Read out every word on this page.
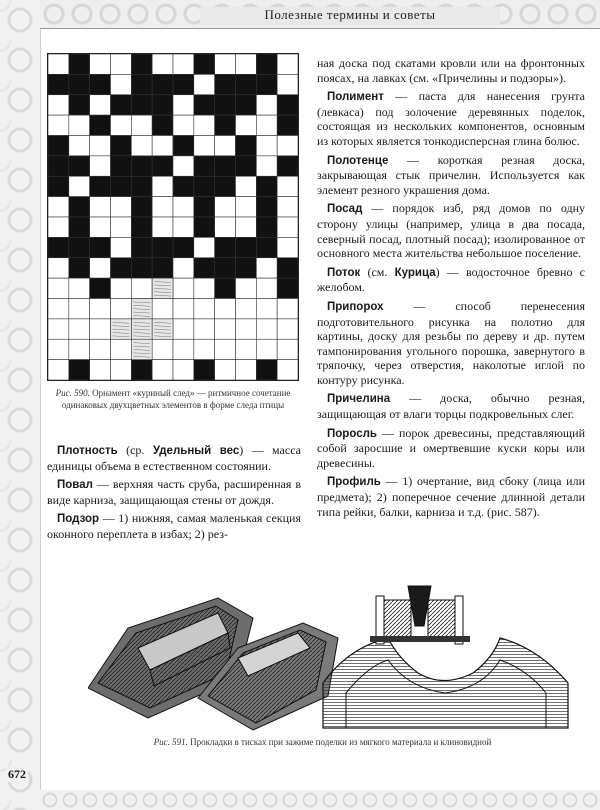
Полезные термины и советы
672
Рис. 590. Орнамент «куриный след» — ритмичное сочетание одинаковых двухцветных элементов в форме следа птицы

Плотность (ср. Удельный вес) — масса единицы объема в естественном состоянии.

Повал — верхняя часть сруба, расширенная в виде карниза, защищающая стены от дождя.

Подзор — 1) нижняя, самая маленькая секция оконного переплета в избах; 2) рез-

ная доска под скатами кровли или на фронтонных поясах, на лавках (см. «Причелины и подзоры»).

Полимент — паста для нанесения грунта (левкаса) под золочение деревянных поделок, состоящая из нескольких компонентов, основным из которых является тонкодисперсная глина болюс.

Полотенце — короткая резная доска, закрывающая стык причелин. Используется как элемент резного украшения дома.

Посад — порядок изб, ряд домов по одну сторону улицы (например, улица в два посада, северный посад, плотный посад); изолированное от основного места жительства небольшое поселение.

Поток (см. Курица) — водосточное бревно с желобом.

Припорох — способ перенесения подготовительного рисунка на полотно для картины, доску для резьбы по дереву и др. путем тампонирования угольного порошка, завернутого в тряпочку, через отверстия, наколотые иглой по контуру рисунка.

Причелина — доска, обычно резная, защищающая от влаги торцы подкровельных слег.

Поросль — порок древесины, представляющий собой заросшие и омертвевшие куски коры или древесины.

Профиль — 1) очертание, вид сбоку (лица или предмета); 2) поперечное сечение длинной детали типа рейки, балки, карниза и т.д. (рис. 587).

Рис. 591. Прокладки в тисках при зажиме поделки из мягкого материала и клиновидной
